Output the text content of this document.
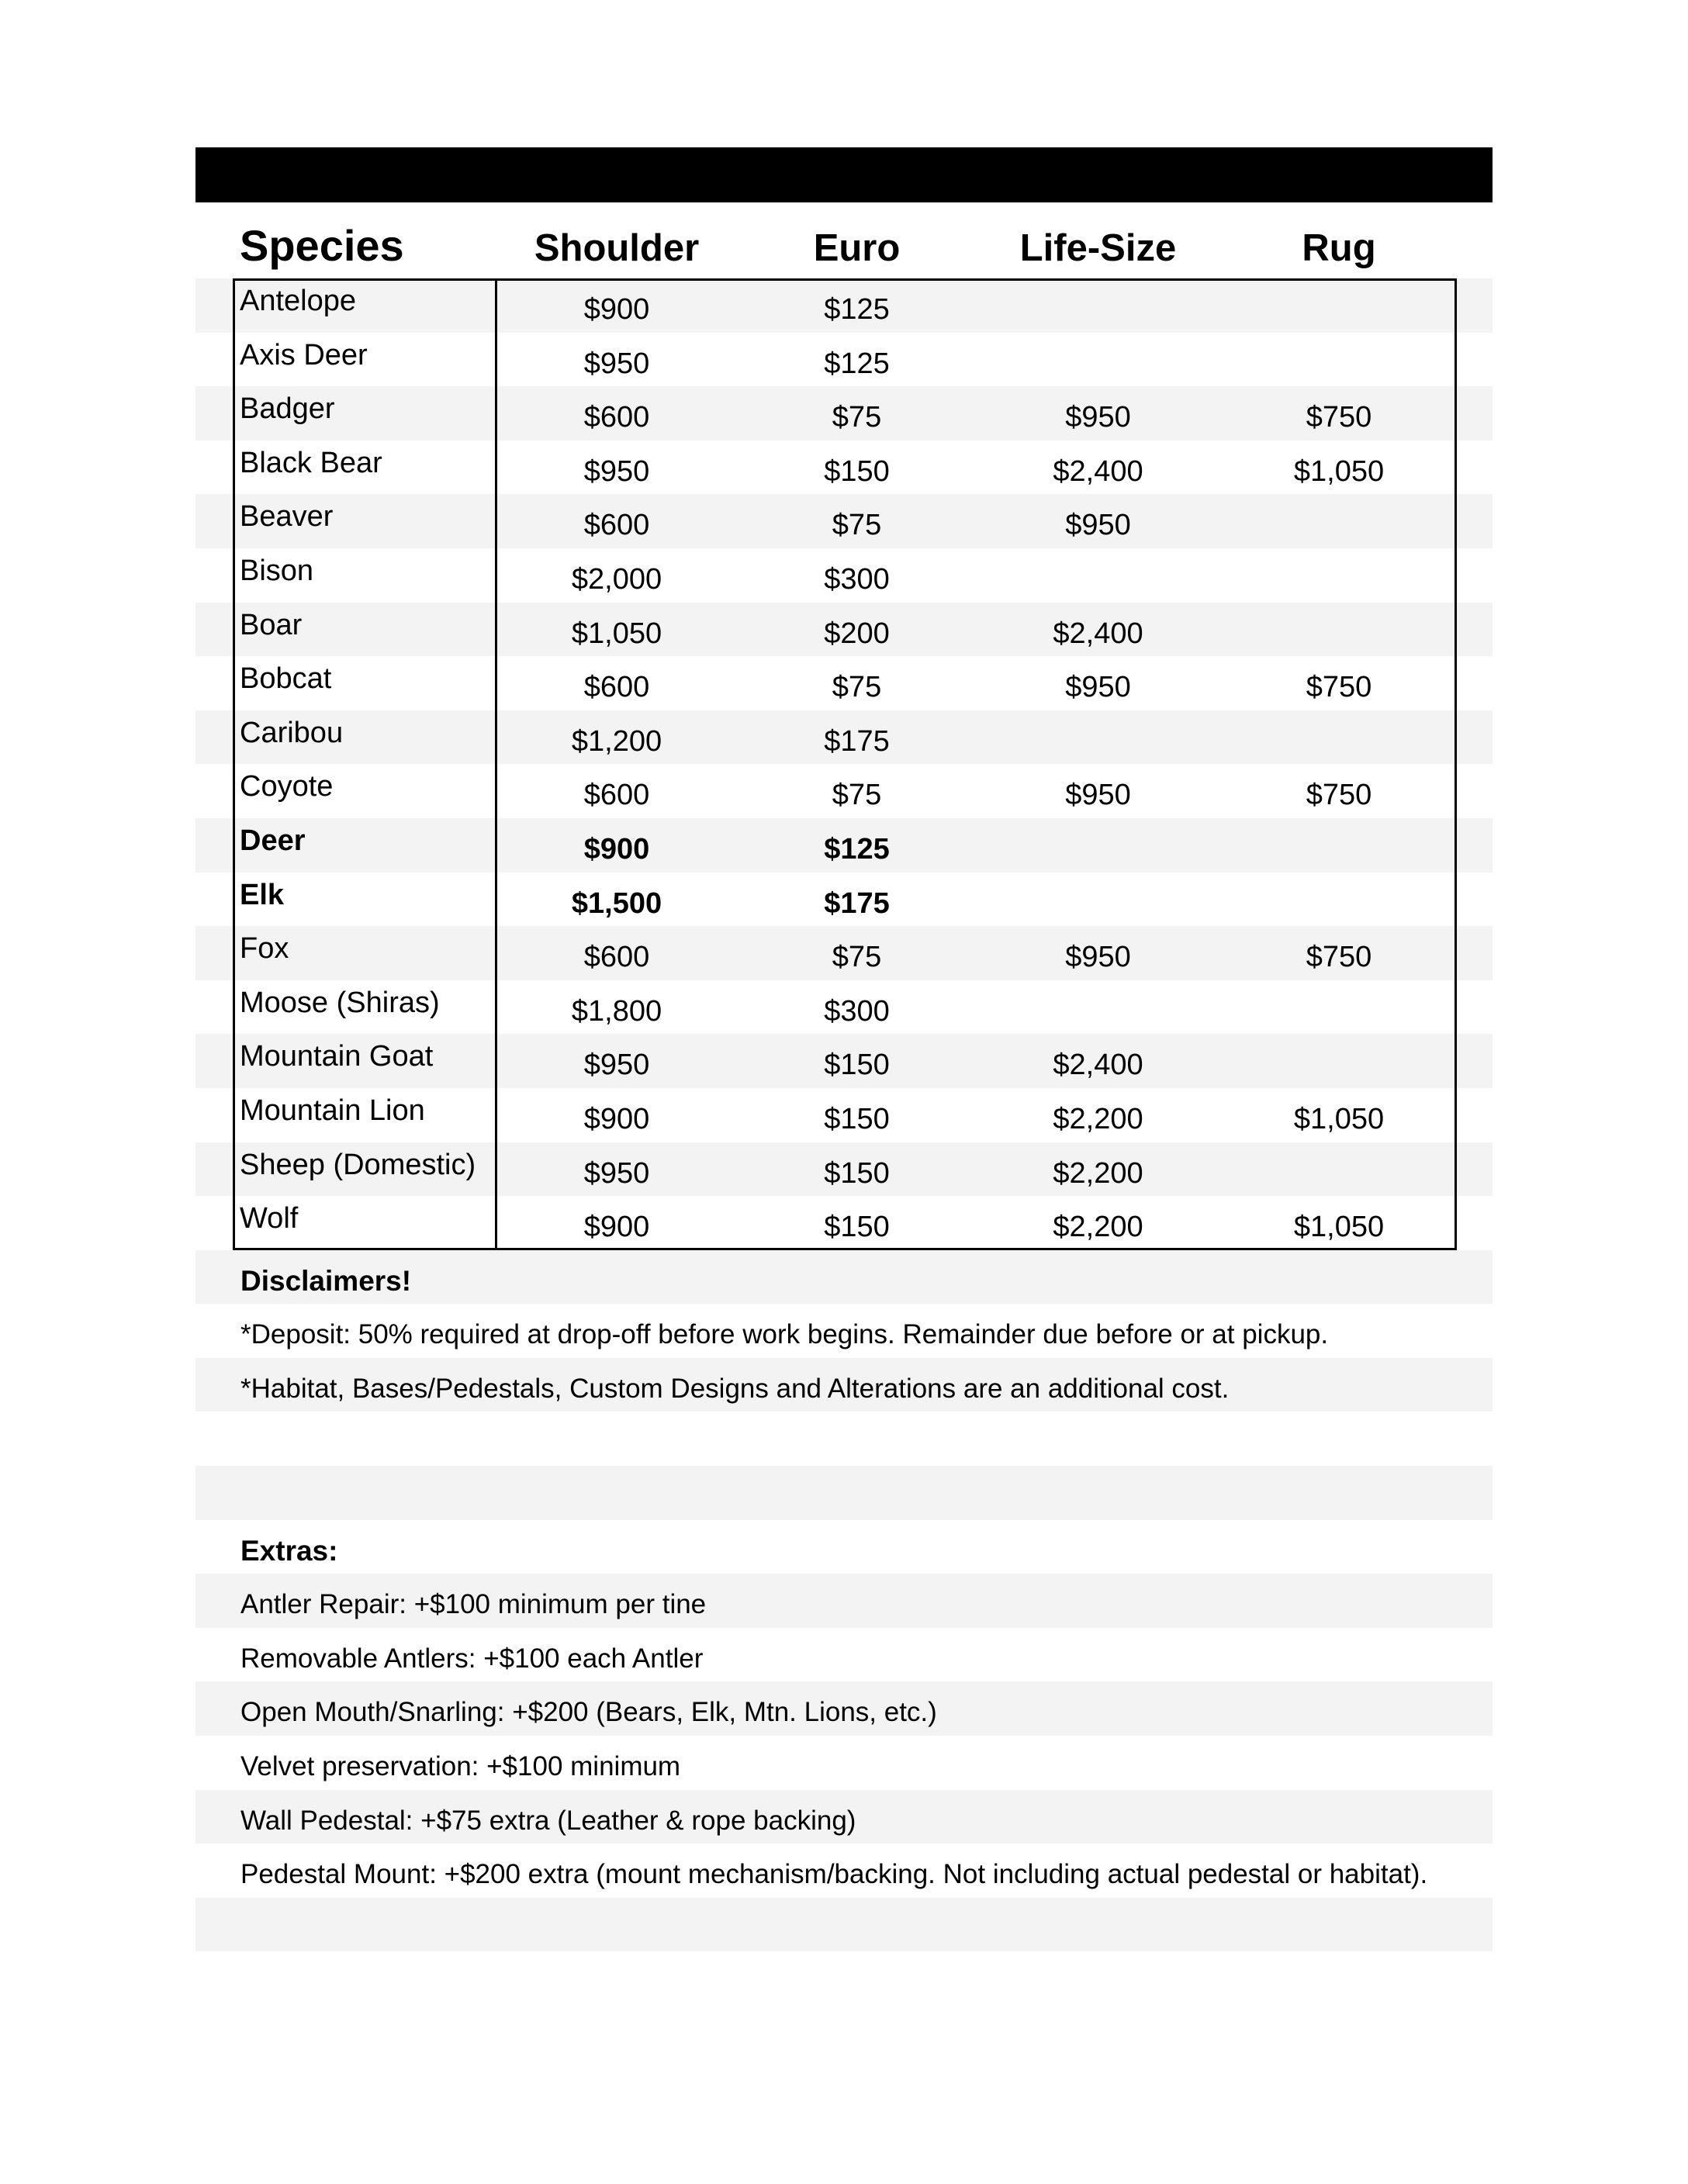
Species	Shoulder	Euro	Life-Size	Rug
Antelope	$900	$125
Axis Deer	$950	$125
Badger	$600	$75	$950	$750
Black Bear	$950	$150	$2,400	$1,050
Beaver	$600	$75	$950
Bison	$2,000	$300
Boar	$1,050	$200	$2,400
Bobcat	$600	$75	$950	$750
Caribou	$1,200	$175
Coyote	$600	$75	$950	$750
Deer	$900	$125
Elk	$1,500	$175
Fox	$600	$75	$950	$750
Moose (Shiras)	$1,800	$300
Mountain Goat	$950	$150	$2,400
Mountain Lion	$900	$150	$2,200	$1,050
Sheep (Domestic)	$950	$150	$2,200
Wolf	$900	$150	$2,200	$1,050
Disclaimers!
*Deposit: 50% required at drop-off before work begins. Remainder due before or at pickup.
*Habitat, Bases/Pedestals, Custom Designs and Alterations are an additional cost.
Extras:
Antler Repair: +$100 minimum per tine
Removable Antlers: +$100 each Antler
Open Mouth/Snarling: +$200 (Bears, Elk, Mtn. Lions, etc.)
Velvet preservation: +$100 minimum
Wall Pedestal: +$75 extra (Leather & rope backing)
Pedestal Mount: +$200 extra (mount mechanism/backing. Not including actual pedestal or habitat).
